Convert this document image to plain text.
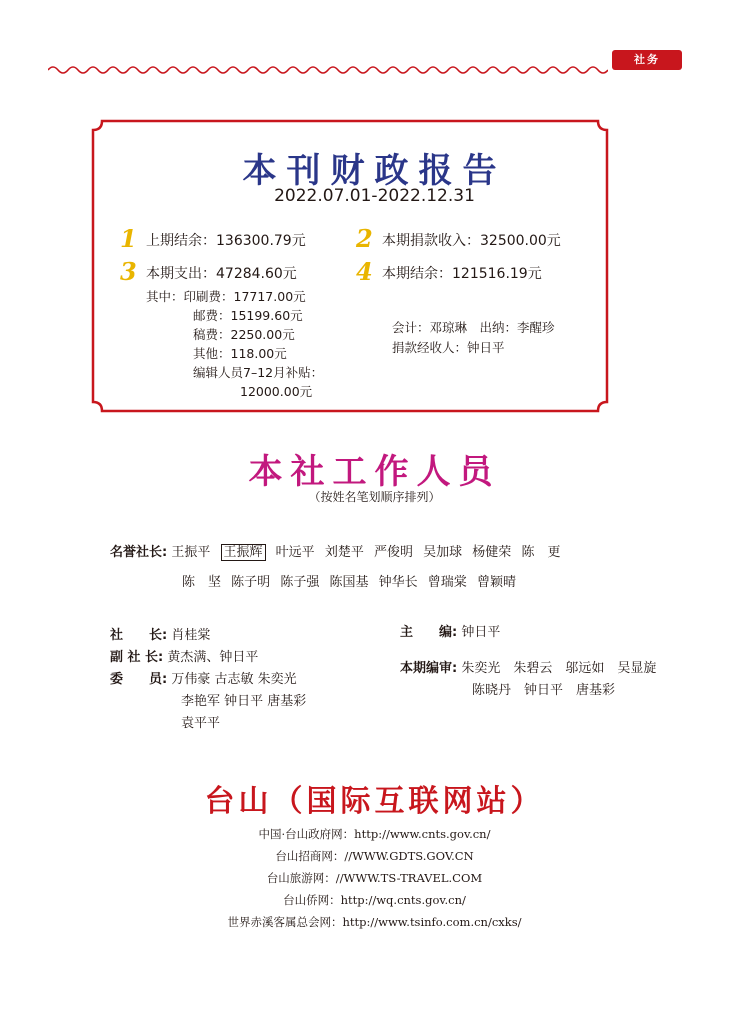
社务
本刊财政报告
2022.07.01-2022.12.31
1 上期结余：136300.79元 2 本期捐款收入：32500.00元
3 本期支出：47284.60元 4 本期结余：121516.19元
其中：印刷费：17717.00元
邮费：15199.60元
稿费：2250.00元
其他：118.00元
编辑人员7–12月补贴：
12000.00元
会计：邓琼琳　出纳：李醒珍
捐款经收人：钟日平
本社工作人员
（按姓名笔划顺序排列）
名誉社长: 王振平 王振辉 叶远平 刘楚平 严俊明 吴加球 杨健荣 陈　更
陈　坚 陈子明 陈子强 陈国基 钟华长 曾瑞棠 曾颖晴
社　　长: 肖桂棠
副 社 长: 黄杰满、钟日平
委　　员: 万伟豪 古志敏 朱奕光
李艳军 钟日平 唐基彩
袁平平
主　　编: 钟日平
本期编审: 朱奕光　朱碧云　邬远如　吴显旋
陈晓丹　钟日平　唐基彩
台山（国际互联网站）
中国·台山政府网：http://www.cnts.gov.cn/
台山招商网：//WWW.GDTS.GOV.CN
台山旅游网：//WWW.TS-TRAVEL.COM
台山侨网：http://wq.cnts.gov.cn/
世界赤溪客属总会网：http://www.tsinfo.com.cn/cxks/
